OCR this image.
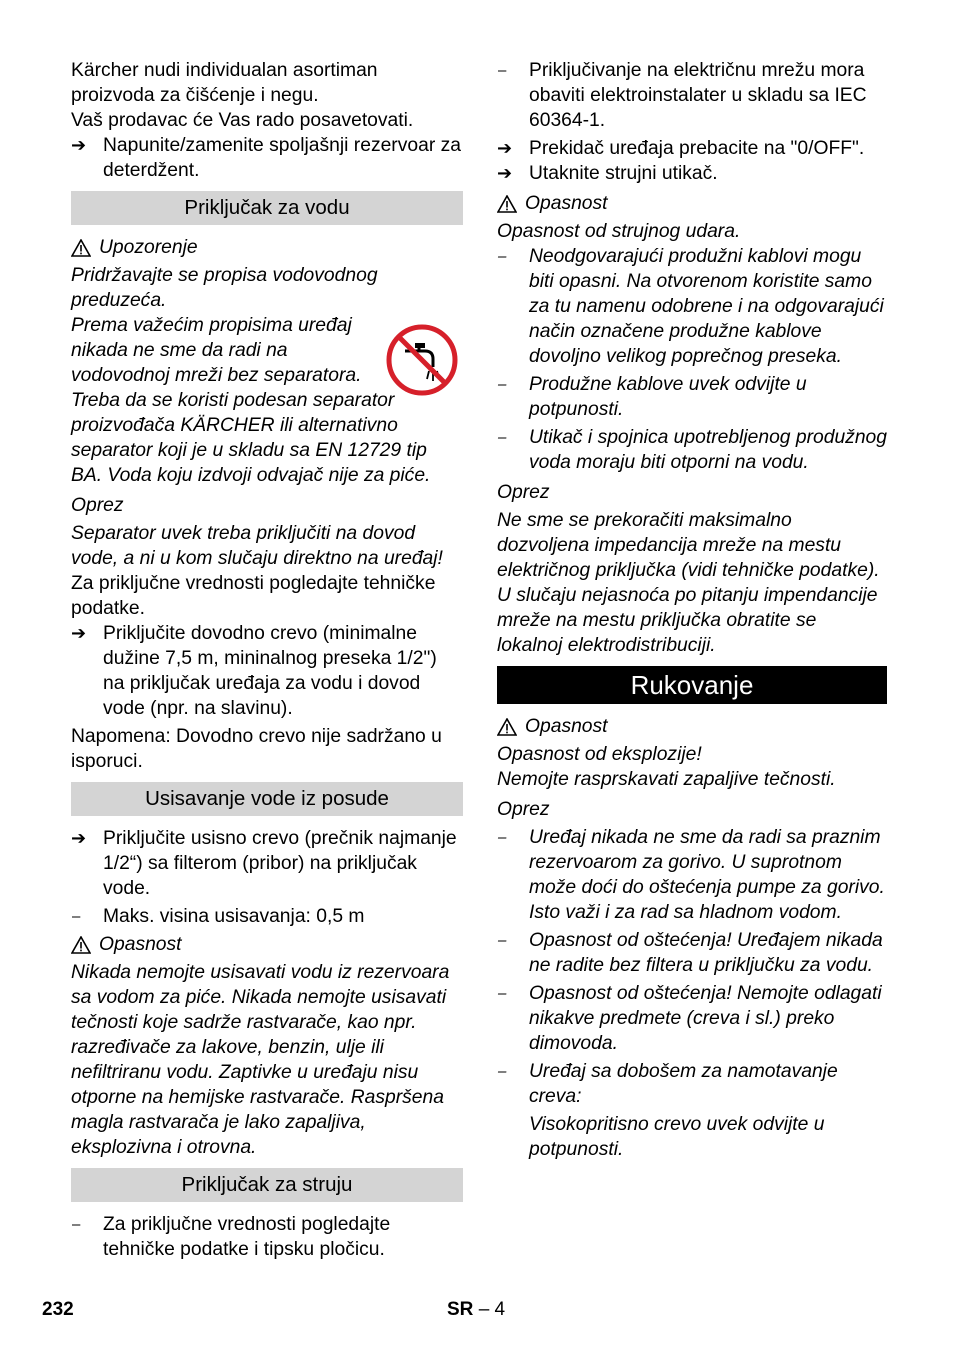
Kärcher nudi individualan asortiman proizvoda za čišćenje i negu.

Vaš prodavac će Vas rado posavetovati.

➔ Napunite/zamenite spoljašnji rezervoar za deterdžent.
Priključak za vodu
Upozorenje

Pridržavajte se propisa vodovodnog preduzeća.

Prema važećim propisima uređaj nikada ne sme da radi na vodovodnoj mreži bez separatora.

Treba da se koristi podesan separator proizvođača KÄRCHER ili alternativno separator koji je u skladu sa EN 12729 tip BA. Voda koju izdvoji odvajač nije za piće.

Oprez

Separator uvek treba priključiti na dovod vode, a ni u kom slučaju direktno na uređaj!

Za priključne vrednosti pogledajte tehničke podatke.

➔ Priključite dovodno crevo (minimalne dužine 7,5 m, mininalnog preseka 1/2") na priključak uređaja za vodu i dovod vode (npr. na slavinu).

Napomena: Dovodno crevo nije sadržano u isporuci.

Usisavanje vode iz posude
➔ Priključite usisno crevo (prečnik najmanje 1/2“) sa filterom (pribor) na priključak vode.
– Maks. visina usisavanja: 0,5 m
Opasnost

Nikada nemojte usisavati vodu iz rezervoara sa vodom za piće. Nikada nemojte usisavati tečnosti koje sadrže rastvarače, kao npr. razređivače za lakove, benzin, ulje ili nefiltriranu vodu. Zaptivke u uređaju nisu otporne na hemijske rastvarače. Raspršena magla rastvarača je lako zapaljiva, eksplozivna i otrovna.

Priključak za struju
– Za priključne vrednosti pogledajte tehničke podatke i tipsku pločicu.
– Priključivanje na električnu mrežu mora obaviti elektroinstalater u skladu sa IEC 60364-1.
➔ Prekidač uređaja prebacite na "0/OFF".
➔ Utaknite strujni utikač.
Opasnost

Opasnost od strujnog udara.

– Neodgovarajući produžni kablovi mogu biti opasni. Na otvorenom koristite samo za tu namenu odobrene i na odgovarajući način označene produžne kablove dovoljno velikog poprečnog preseka.
– Produžne kablove uvek odvijte u potpunosti.
– Utikač i spojnica upotrebljenog produžnog voda moraju biti otporni na vodu.

Oprez

Ne sme se prekoračiti maksimalno dozvoljena impedancija mreže na mestu električnog priključka (vidi tehničke podatke). U slučaju nejasnoća po pitanju impendancije mreže na mestu priključka obratite se lokalnoj elektrodistribuciji.

Rukovanje
Opasnost

Opasnost od eksplozije!

Nemojte rasprskavati zapaljive tečnosti.

Oprez

– Uređaj nikada ne sme da radi sa praznim rezervoarom za gorivo. U suprotnom može doći do oštećenja pumpe za gorivo. Isto važi i za rad sa hladnom vodom.
– Opasnost od oštećenja! Uređajem nikada ne radite bez filtera u priključku za vodu.
– Opasnost od oštećenja! Nemojte odlagati nikakve predmete (creva i sl.) preko dimovoda.
– Uređaj sa dobošem za namotavanje creva:

Visokopritisno crevo uvek odvijte u potpunosti.

232	SR – 4
